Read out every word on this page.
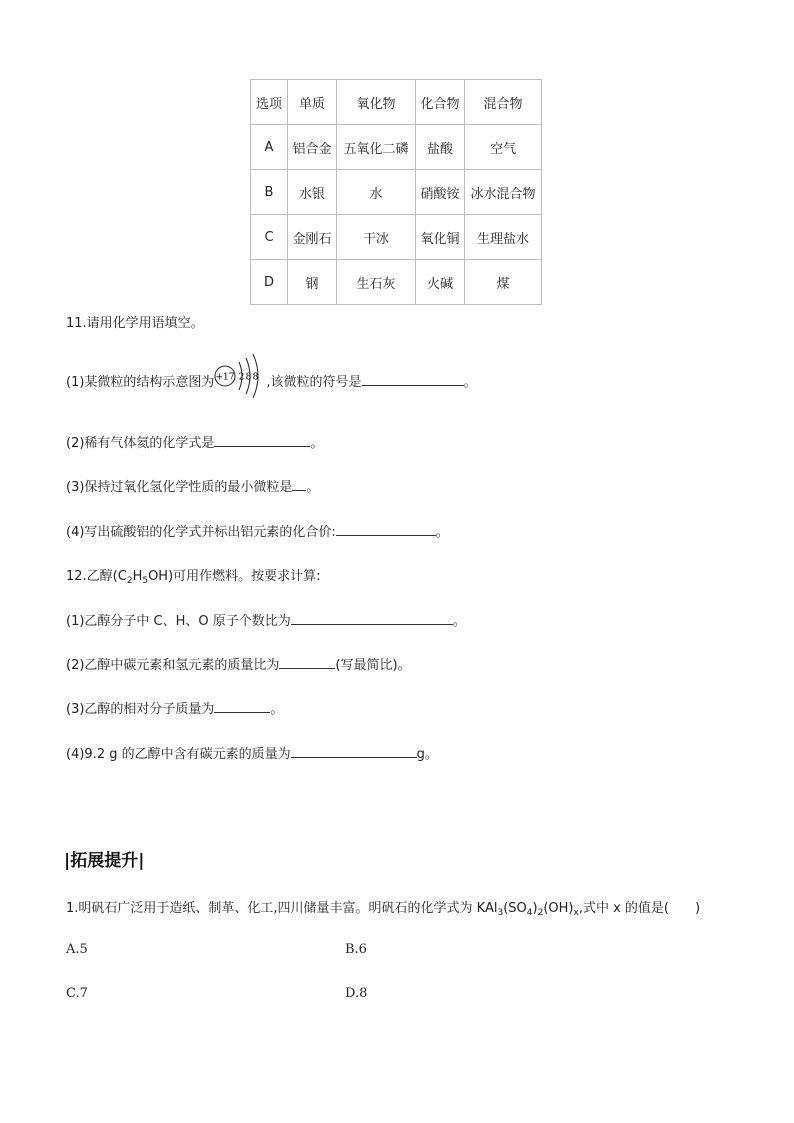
选项	单质	氧化物	化合物	混合物
A	铝合金	五氧化二磷	盐酸	空气
B	水银	水	硝酸铵	冰水混合物
C	金刚石	干冰	氧化铜	生理盐水
D	钢	生石灰	火碱	煤
11.请用化学用语填空。
(1)某微粒的结构示意图为 +17 2 8 8 ,该微粒的符号是	。
(2)稀有气体氦的化学式是	。
(3)保持过氧化氢化学性质的最小微粒是 。
(4)写出硫酸铝的化学式并标出铝元素的化合价:	。
12.乙醇$(C_2H_5OH)$可用作燃料。按要求计算:
(1)乙醇分子中 C、H、O 原子个数比为	。
(2)乙醇中碳元素和氢元素的质量比为	(写最简比)。
(3)乙醇的相对分子质量为	。
(4)9.2 g 的乙醇中含有碳元素的质量为	g。
|拓展提升|
1.明矾石广泛用于造纸、制革、化工,四川储量丰富。明矾石的化学式为 $KAl_3(SO_4)_2(OH)_x$,式中 x 的值是(　　)
A.5	B.6
C.7	D.8
